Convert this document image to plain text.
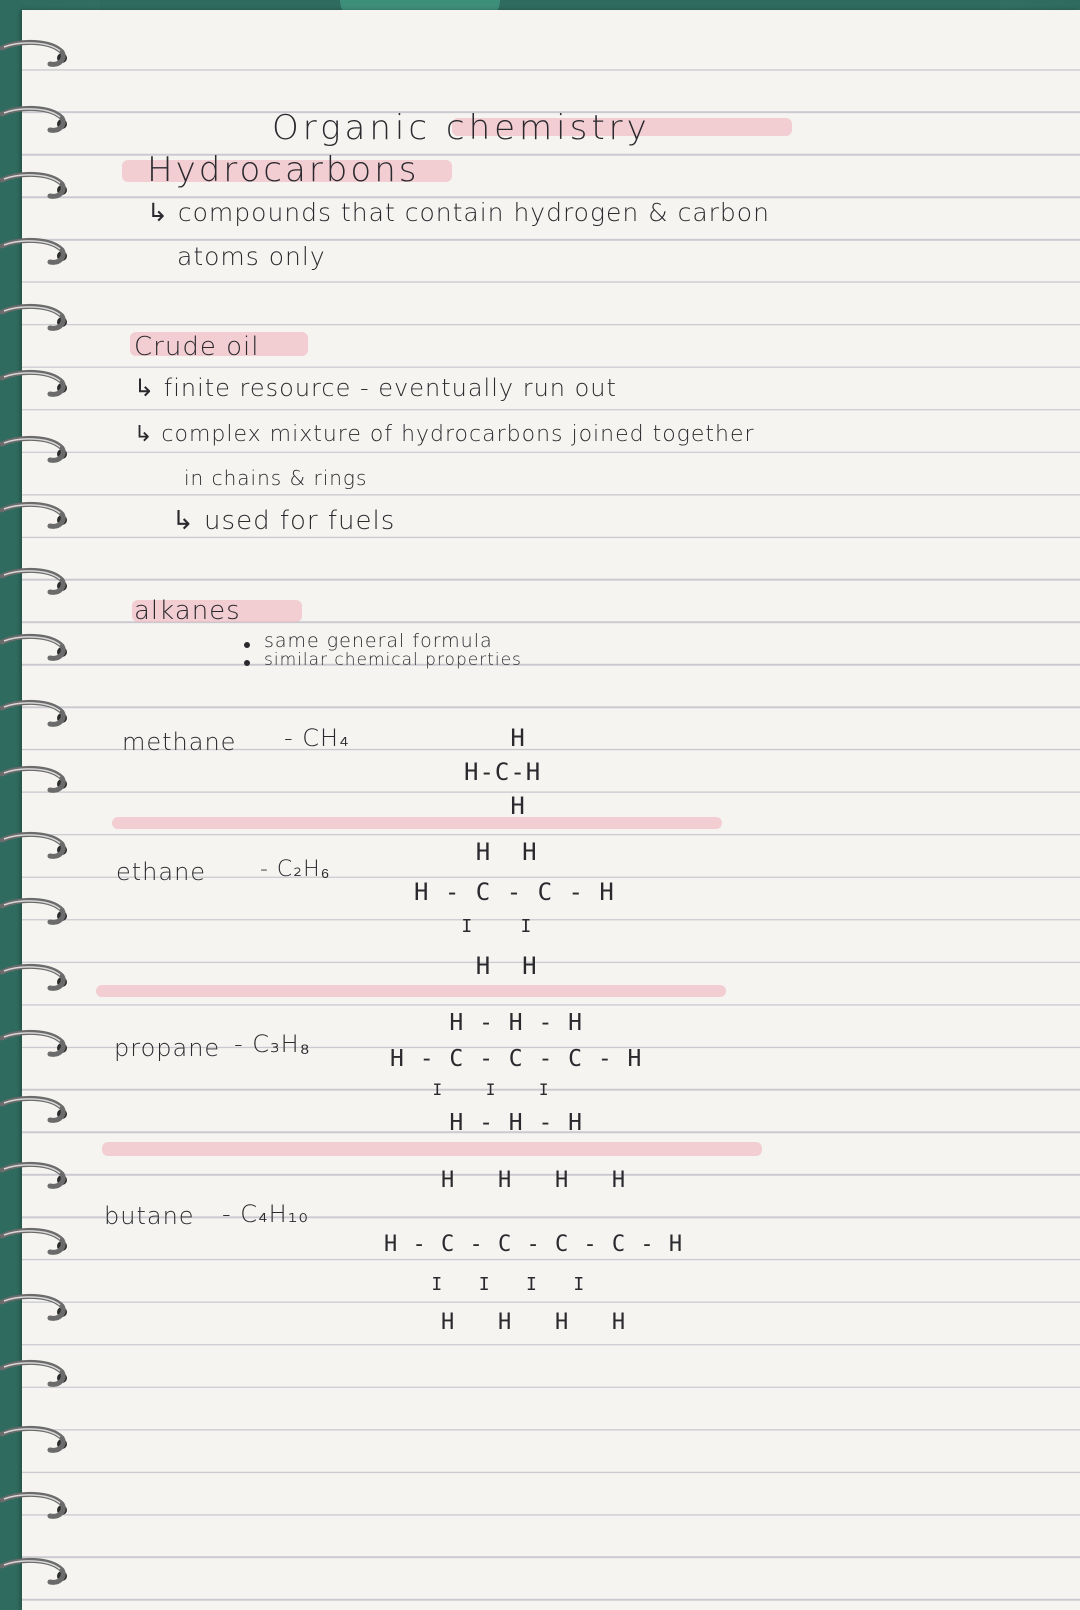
Organic chemistry
Hydrocarbons
↳ compounds that contain hydrogen & carbon
atoms only
Crude oil
↳ finite resource - eventually run out
↳ complex mixture of hydrocarbons joined together
in chains & rings
↳ used for fuels
alkanes
same general formula
similar chemical properties
methane - CH₄	H
H-C-H
H
ethane - C₂H₆
H  H
H - C - C - H
I    I
H  H
propane - C₃H₈
H - H - H
H - C - C - C - H
I    I    I
H - H - H
butane - C₄H₁₀
H   H   H   H
H - C - C - C - C - H
I   I   I   I
H   H   H   H
